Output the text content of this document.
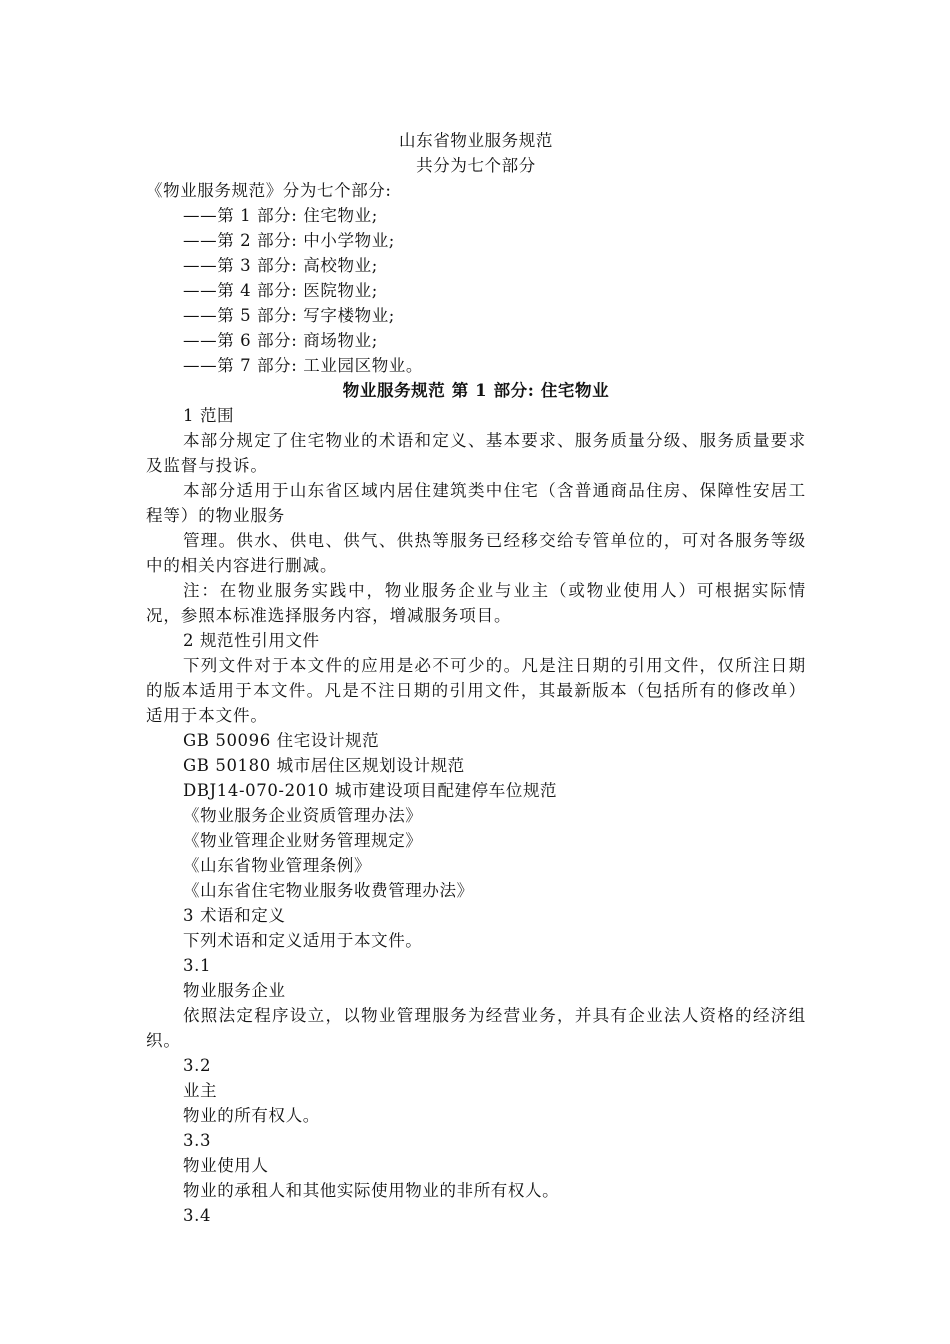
山东省物业服务规范
共分为七个部分
《物业服务规范》分为七个部分:
——第 1 部分: 住宅物业;
——第 2 部分: 中小学物业;
——第 3 部分: 高校物业;
——第 4 部分: 医院物业;
——第 5 部分: 写字楼物业;
——第 6 部分: 商场物业;
——第 7 部分: 工业园区物业。
物业服务规范 第 1 部分: 住宅物业
1 范围
本部分规定了住宅物业的术语和定义、基本要求、服务质量分级、服务质量要求及监督与投诉。
本部分适用于山东省区域内居住建筑类中住宅（含普通商品住房、保障性安居工程等）的物业服务
管理。供水、供电、供气、供热等服务已经移交给专管单位的，可对各服务等级中的相关内容进行删减。
注：在物业服务实践中，物业服务企业与业主（或物业使用人）可根据实际情况，参照本标准选择服务内容，增减服务项目。
2 规范性引用文件
下列文件对于本文件的应用是必不可少的。凡是注日期的引用文件，仅所注日期的版本适用于本文件。凡是不注日期的引用文件，其最新版本（包括所有的修改单）适用于本文件。
GB 50096 住宅设计规范
GB 50180 城市居住区规划设计规范
DBJ14-070-2010 城市建设项目配建停车位规范
《物业服务企业资质管理办法》
《物业管理企业财务管理规定》
《山东省物业管理条例》
《山东省住宅物业服务收费管理办法》
3 术语和定义
下列术语和定义适用于本文件。
3.1
物业服务企业
依照法定程序设立，以物业管理服务为经营业务，并具有企业法人资格的经济组织。
3.2
业主
物业的所有权人。
3.3
物业使用人
物业的承租人和其他实际使用物业的非所有权人。
3.4
